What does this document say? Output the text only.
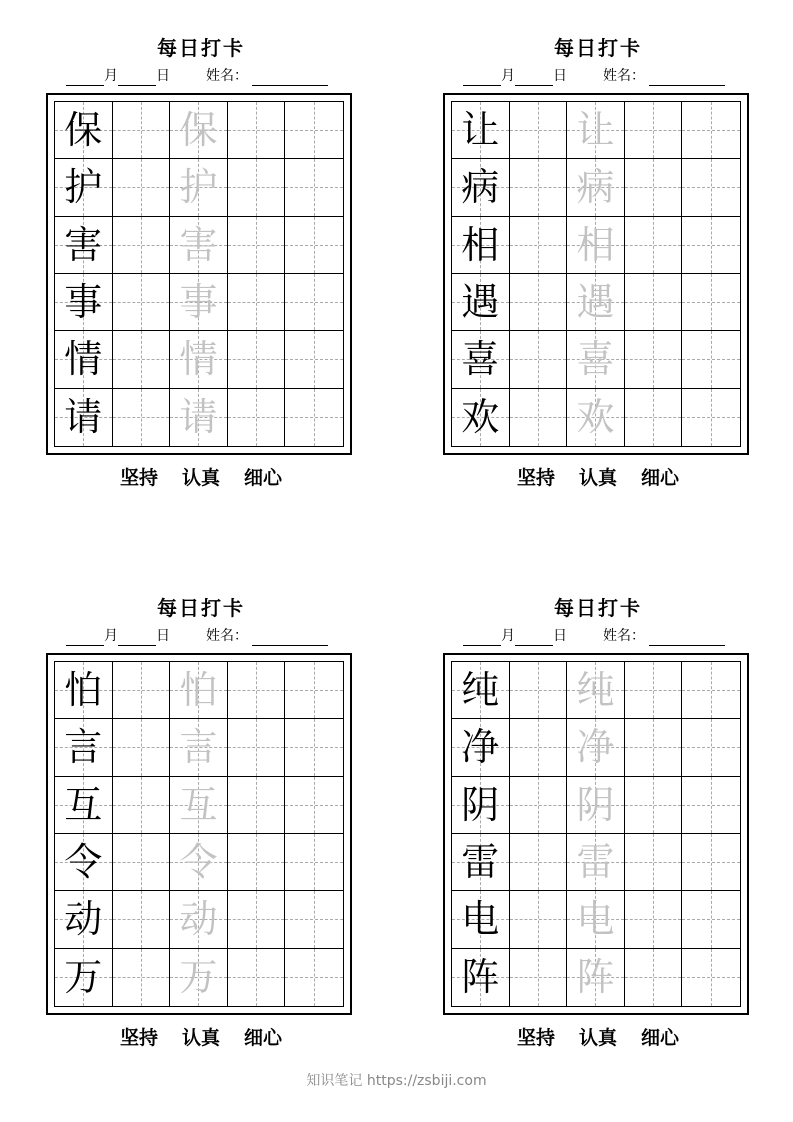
每日打卡
月	日	姓名：
保 保
护 护
害 害
事 事
情 情
请 请
坚持 认真 细心
每日打卡
月	日	姓名：
让 让
病 病
相 相
遇 遇
喜 喜
欢 欢
坚持 认真 细心
每日打卡
月	日	姓名：
怕 怕
言 言
互 互
令 令
动 动
万 万
坚持 认真 细心
每日打卡
月	日	姓名：
纯 纯
净 净
阴 阴
雷 雷
电 电
阵 阵
坚持 认真 细心
知识笔记 https://zsbiji.com
